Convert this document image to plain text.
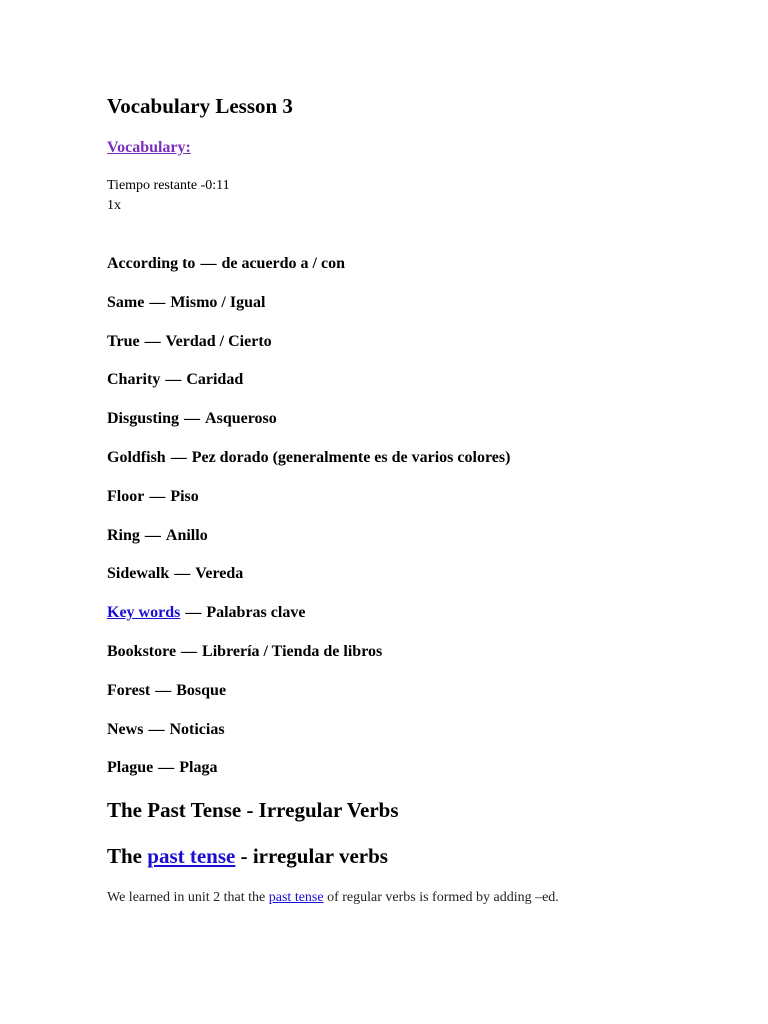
Vocabulary Lesson 3
Vocabulary:
Tiempo restante -0:11
1x
According to — de acuerdo a / con
Same — Mismo / Igual
True — Verdad / Cierto
Charity — Caridad
Disgusting — Asqueroso
Goldfish — Pez dorado (generalmente es de varios colores)
Floor — Piso
Ring — Anillo
Sidewalk — Vereda
Key words — Palabras clave
Bookstore — Librería / Tienda de libros
Forest — Bosque
News — Noticias
Plague — Plaga
The Past Tense - Irregular Verbs
The past tense - irregular verbs

We learned in unit 2 that the past tense of regular verbs is formed by adding –ed.
